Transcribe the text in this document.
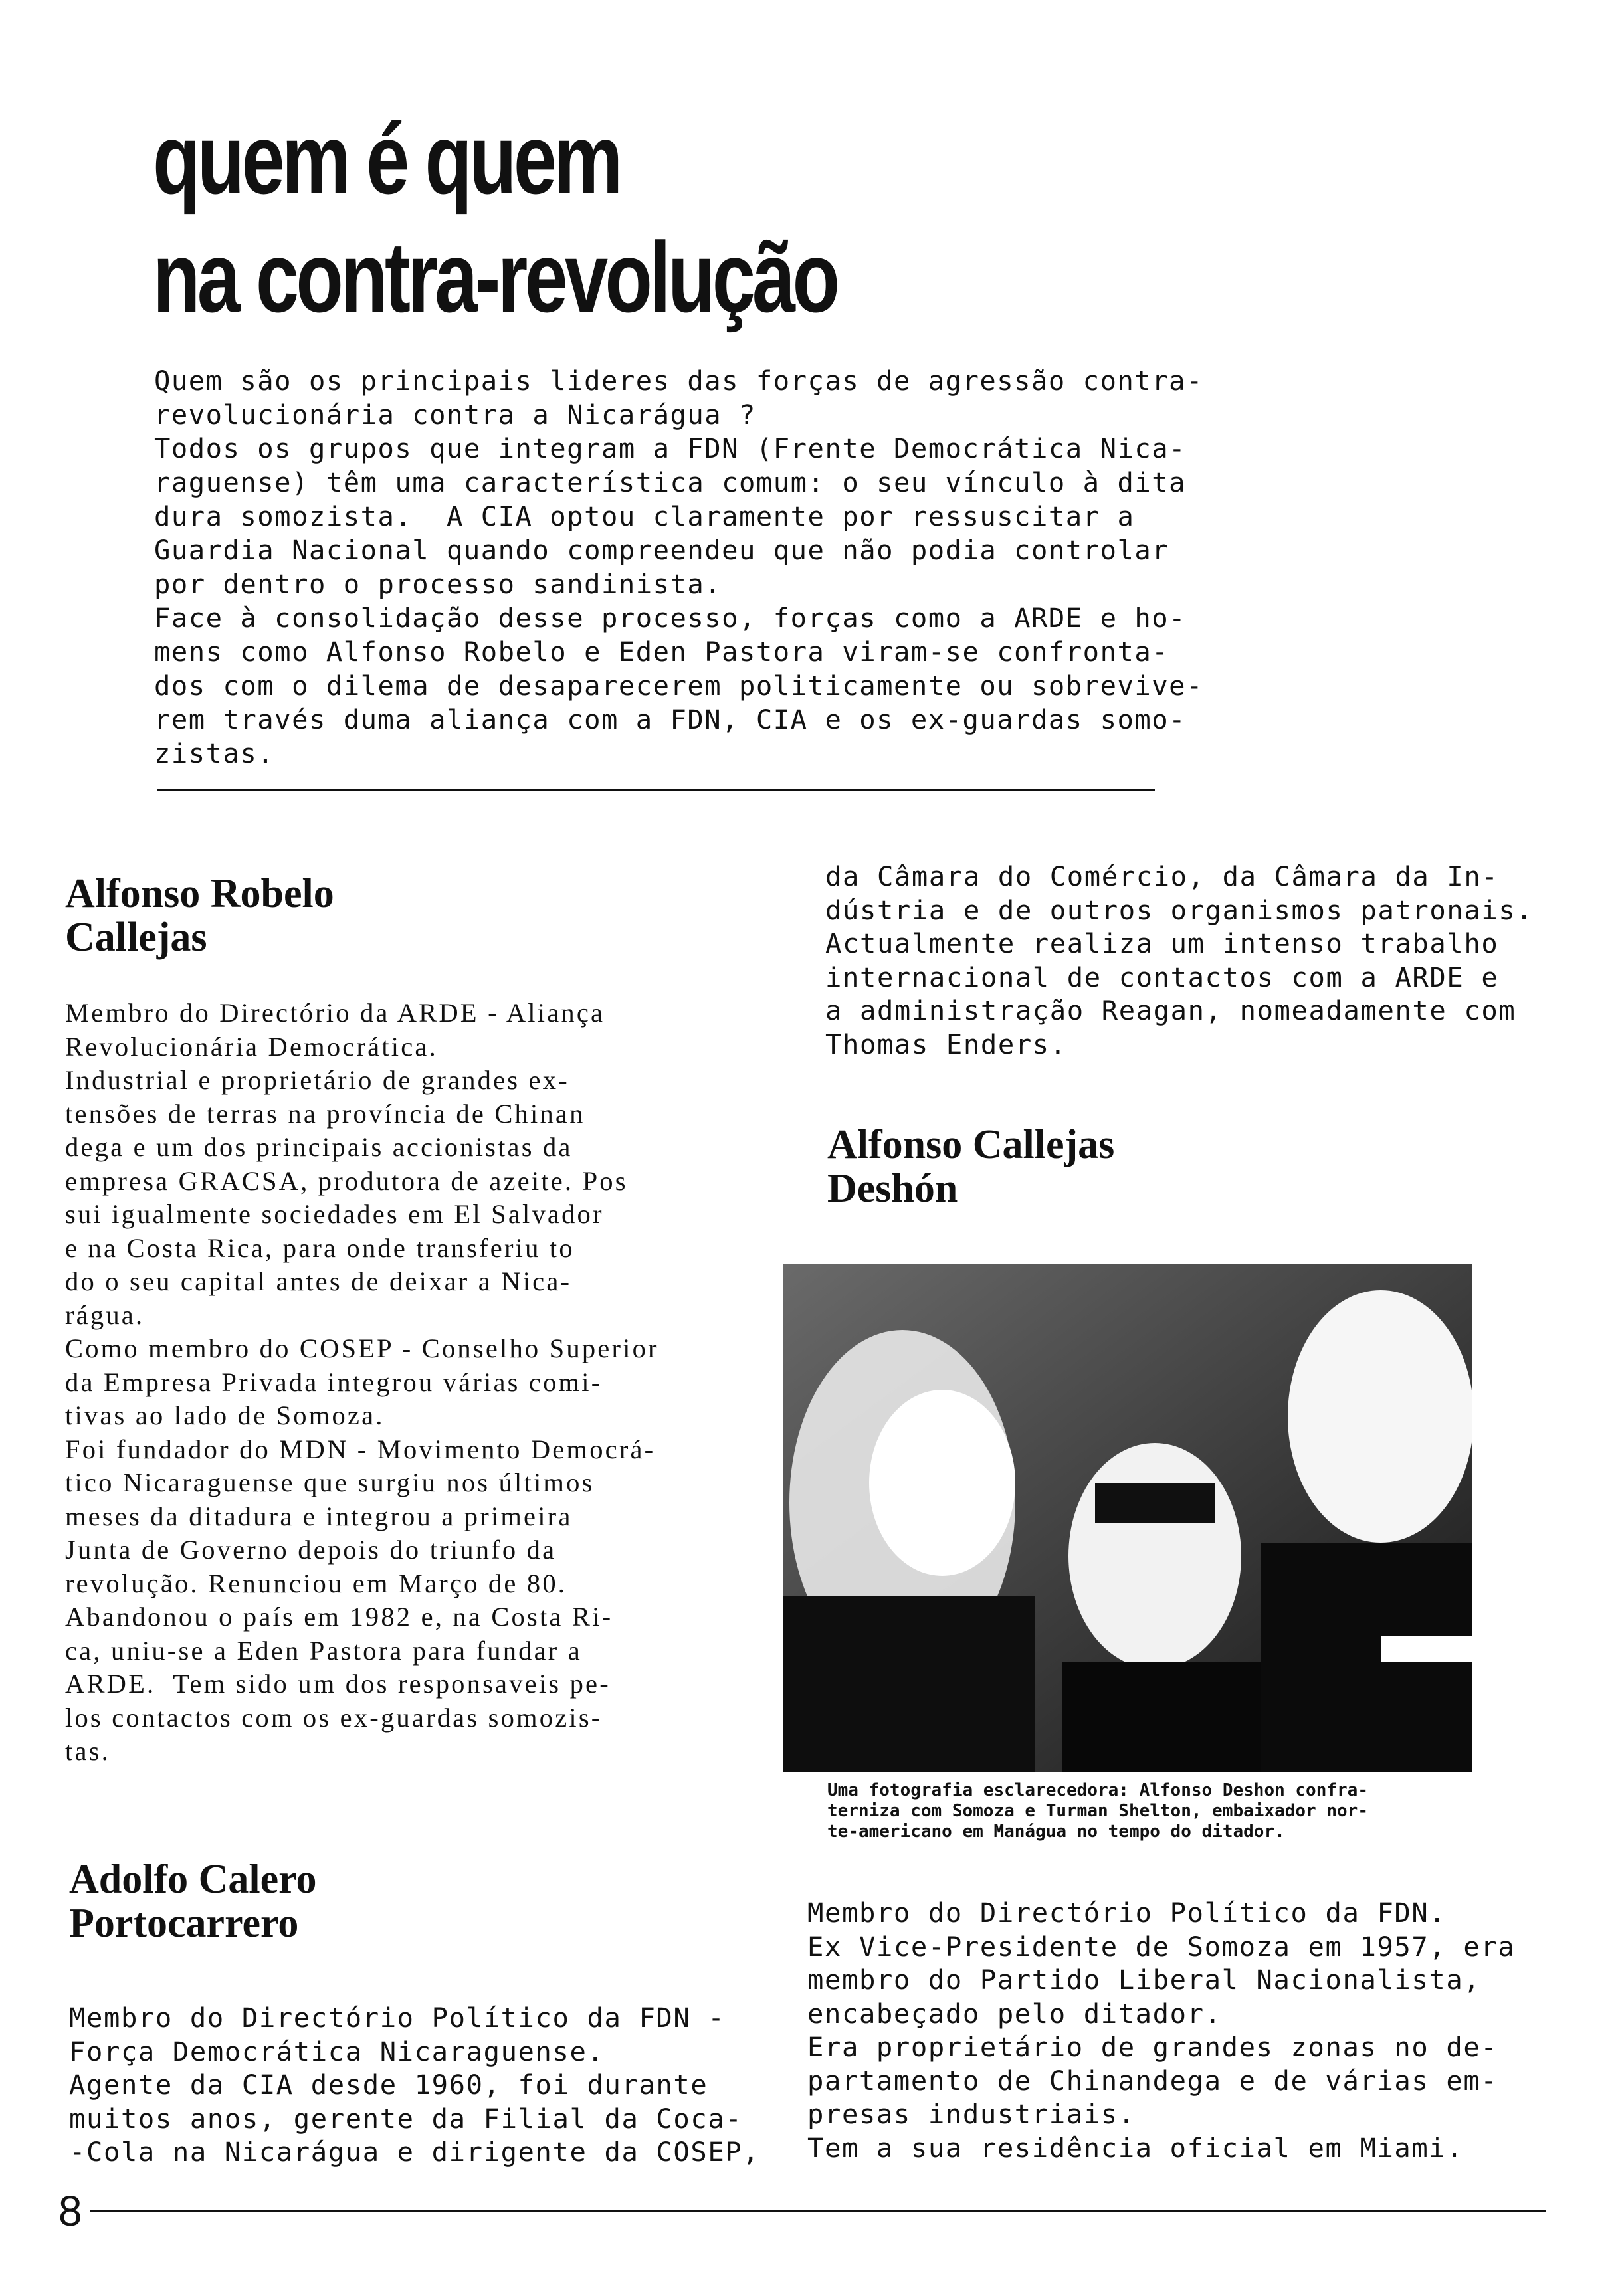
quem é quem
na contra-revolução
Quem são os principais lideres das forças de agressão contra-
revolucionária contra a Nicarágua ?
Todos os grupos que integram a FDN (Frente Democrática Nica-
raguense) têm uma característica comum: o seu vínculo à dita
dura somozista.  A CIA optou claramente por ressuscitar a
Guardia Nacional quando compreendeu que não podia controlar
por dentro o processo sandinista.
Face à consolidação desse processo, forças como a ARDE e ho-
mens como Alfonso Robelo e Eden Pastora viram-se confronta-
dos com o dilema de desaparecerem politicamente ou sobrevive-
rem través duma aliança com a FDN, CIA e os ex-guardas somo-
zistas.
Alfonso Robelo
Callejas
Membro do Directório da ARDE - Aliança
Revolucionária Democrática.
Industrial e proprietário de grandes ex-
tensões de terras na província de Chinan
dega e um dos principais accionistas da
empresa GRACSA, produtora de azeite. Pos
sui igualmente sociedades em El Salvador
e na Costa Rica, para onde transferiu to
do o seu capital antes de deixar a Nica-
rágua.
Como membro do COSEP - Conselho Superior
da Empresa Privada integrou várias comi-
tivas ao lado de Somoza.
Foi fundador do MDN - Movimento Democrá-
tico Nicaraguense que surgiu nos últimos
meses da ditadura e integrou a primeira
Junta de Governo depois do triunfo da
revolução. Renunciou em Março de 80.
Abandonou o país em 1982 e, na Costa Ri-
ca, uniu-se a Eden Pastora para fundar a
ARDE.  Tem sido um dos responsaveis pe-
los contactos com os ex-guardas somozis-
tas.
Adolfo Calero
Portocarrero
Membro do Directório Político da FDN -
Força Democrática Nicaraguense.
Agente da CIA desde 1960, foi durante
muitos anos, gerente da Filial da Coca-
-Cola na Nicarágua e dirigente da COSEP,
da Câmara do Comércio, da Câmara da In-
dústria e de outros organismos patronais.
Actualmente realiza um intenso trabalho
internacional de contactos com a ARDE e
a administração Reagan, nomeadamente com
Thomas Enders.
Alfonso Callejas
Deshón
Uma fotografia esclarecedora: Alfonso Deshon confra-
terniza com Somoza e Turman Shelton, embaixador nor-
te-americano em Manágua no tempo do ditador.
Membro do Directório Político da FDN.
Ex Vice-Presidente de Somoza em 1957, era
membro do Partido Liberal Nacionalista,
encabeçado pelo ditador.
Era proprietário de grandes zonas no de-
partamento de Chinandega e de várias em-
presas industriais.
Tem a sua residência oficial em Miami.
8
